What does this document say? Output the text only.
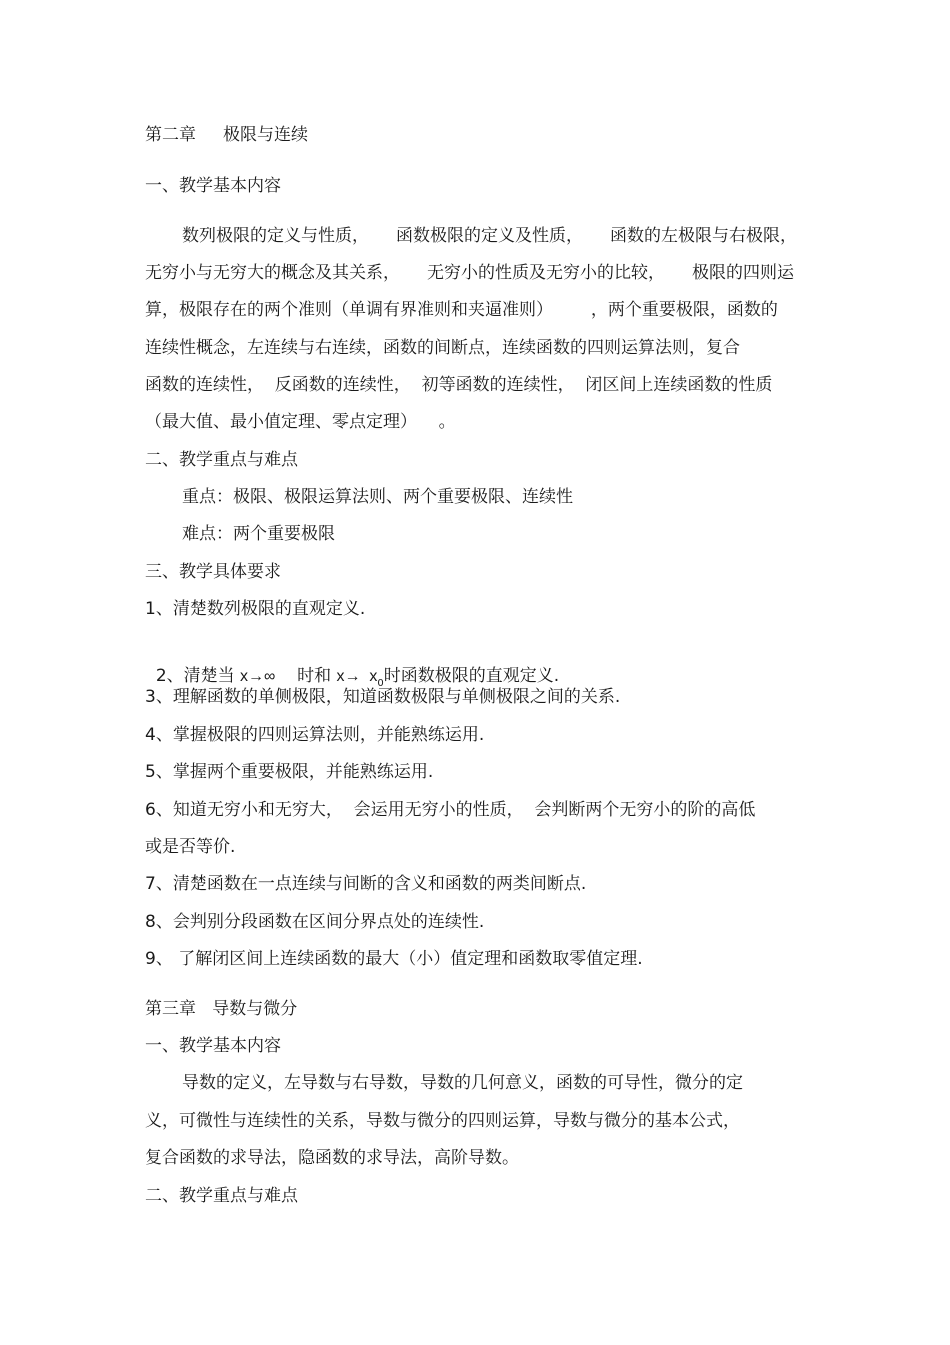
第二章     极限与连续
一、教学基本内容
数列极限的定义与性质，     函数极限的定义及性质，     函数的左极限与右极限，
无穷小与无穷大的概念及其关系，     无穷小的性质及无穷小的比较，     极限的四则运
算，极限存在的两个准则（单调有界准则和夹逼准则）       ，两个重要极限，函数的
连续性概念，左连续与右连续，函数的间断点，连续函数的四则运算法则，复合
函数的连续性，  反函数的连续性，  初等函数的连续性，  闭区间上连续函数的性质
（最大值、最小值定理、零点定理）    。
二、教学重点与难点
重点：极限、极限运算法则、两个重要极限、连续性
难点：两个重要极限
三、教学具体要求
1、清楚数列极限的直观定义.

2、清楚当 x→∞    时和 $x\to x_0$时函数极限的直观定义.

3、理解函数的单侧极限，知道函数极限与单侧极限之间的关系.
4、掌握极限的四则运算法则，并能熟练运用.
5、掌握两个重要极限，并能熟练运用.
6、知道无穷小和无穷大，  会运用无穷小的性质，  会判断两个无穷小的阶的高低
或是否等价.
7、清楚函数在一点连续与间断的含义和函数的两类间断点.
8、会判别分段函数在区间分界点处的连续性.
9、 了解闭区间上连续函数的最大（小）值定理和函数取零值定理.
第三章   导数与微分
一、教学基本内容
导数的定义，左导数与右导数，导数的几何意义，函数的可导性，微分的定
义，可微性与连续性的关系，导数与微分的四则运算，导数与微分的基本公式，
复合函数的求导法，隐函数的求导法，高阶导数。
二、教学重点与难点
